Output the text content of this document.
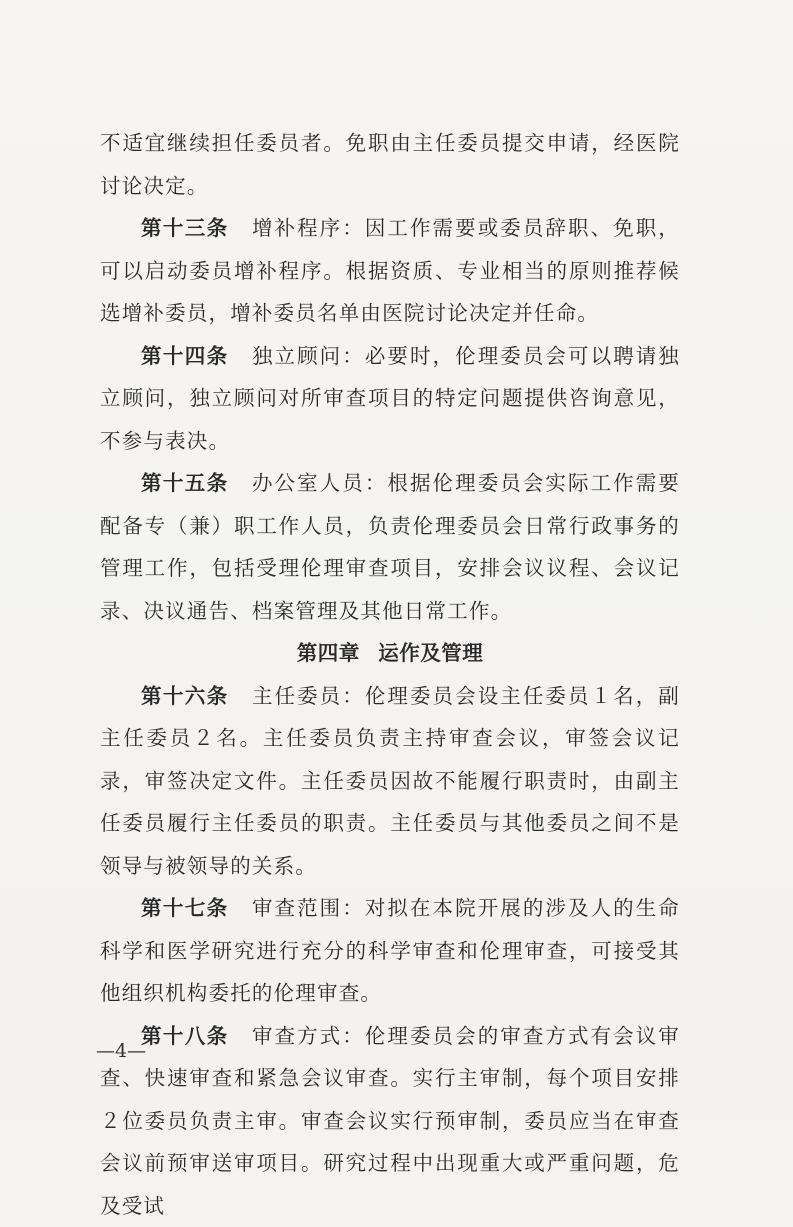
不适宜继续担任委员者。免职由主任委员提交申请，经医院讨论决定。

第十三条 增补程序：因工作需要或委员辞职、免职，可以启动委员增补程序。根据资质、专业相当的原则推荐候选增补委员，增补委员名单由医院讨论决定并任命。

第十四条 独立顾问：必要时，伦理委员会可以聘请独立顾问，独立顾问对所审查项目的特定问题提供咨询意见，不参与表决。

第十五条 办公室人员：根据伦理委员会实际工作需要配备专（兼）职工作人员，负责伦理委员会日常行政事务的管理工作，包括受理伦理审查项目，安排会议议程、会议记录、决议通告、档案管理及其他日常工作。

第四章 运作及管理

第十六条 主任委员：伦理委员会设主任委员１名，副主任委员２名。主任委员负责主持审查会议，审签会议记录，审签决定文件。主任委员因故不能履行职责时，由副主任委员履行主任委员的职责。主任委员与其他委员之间不是领导与被领导的关系。

第十七条 审查范围：对拟在本院开展的涉及人的生命科学和医学研究进行充分的科学审查和伦理审查，可接受其他组织机构委托的伦理审查。

第十八条 审查方式：伦理委员会的审查方式有会议审查、快速审查和紧急会议审查。实行主审制，每个项目安排２位委员负责主审。审查会议实行预审制，委员应当在审查会议前预审送审项目。研究过程中出现重大或严重问题，危及受试

—4—
